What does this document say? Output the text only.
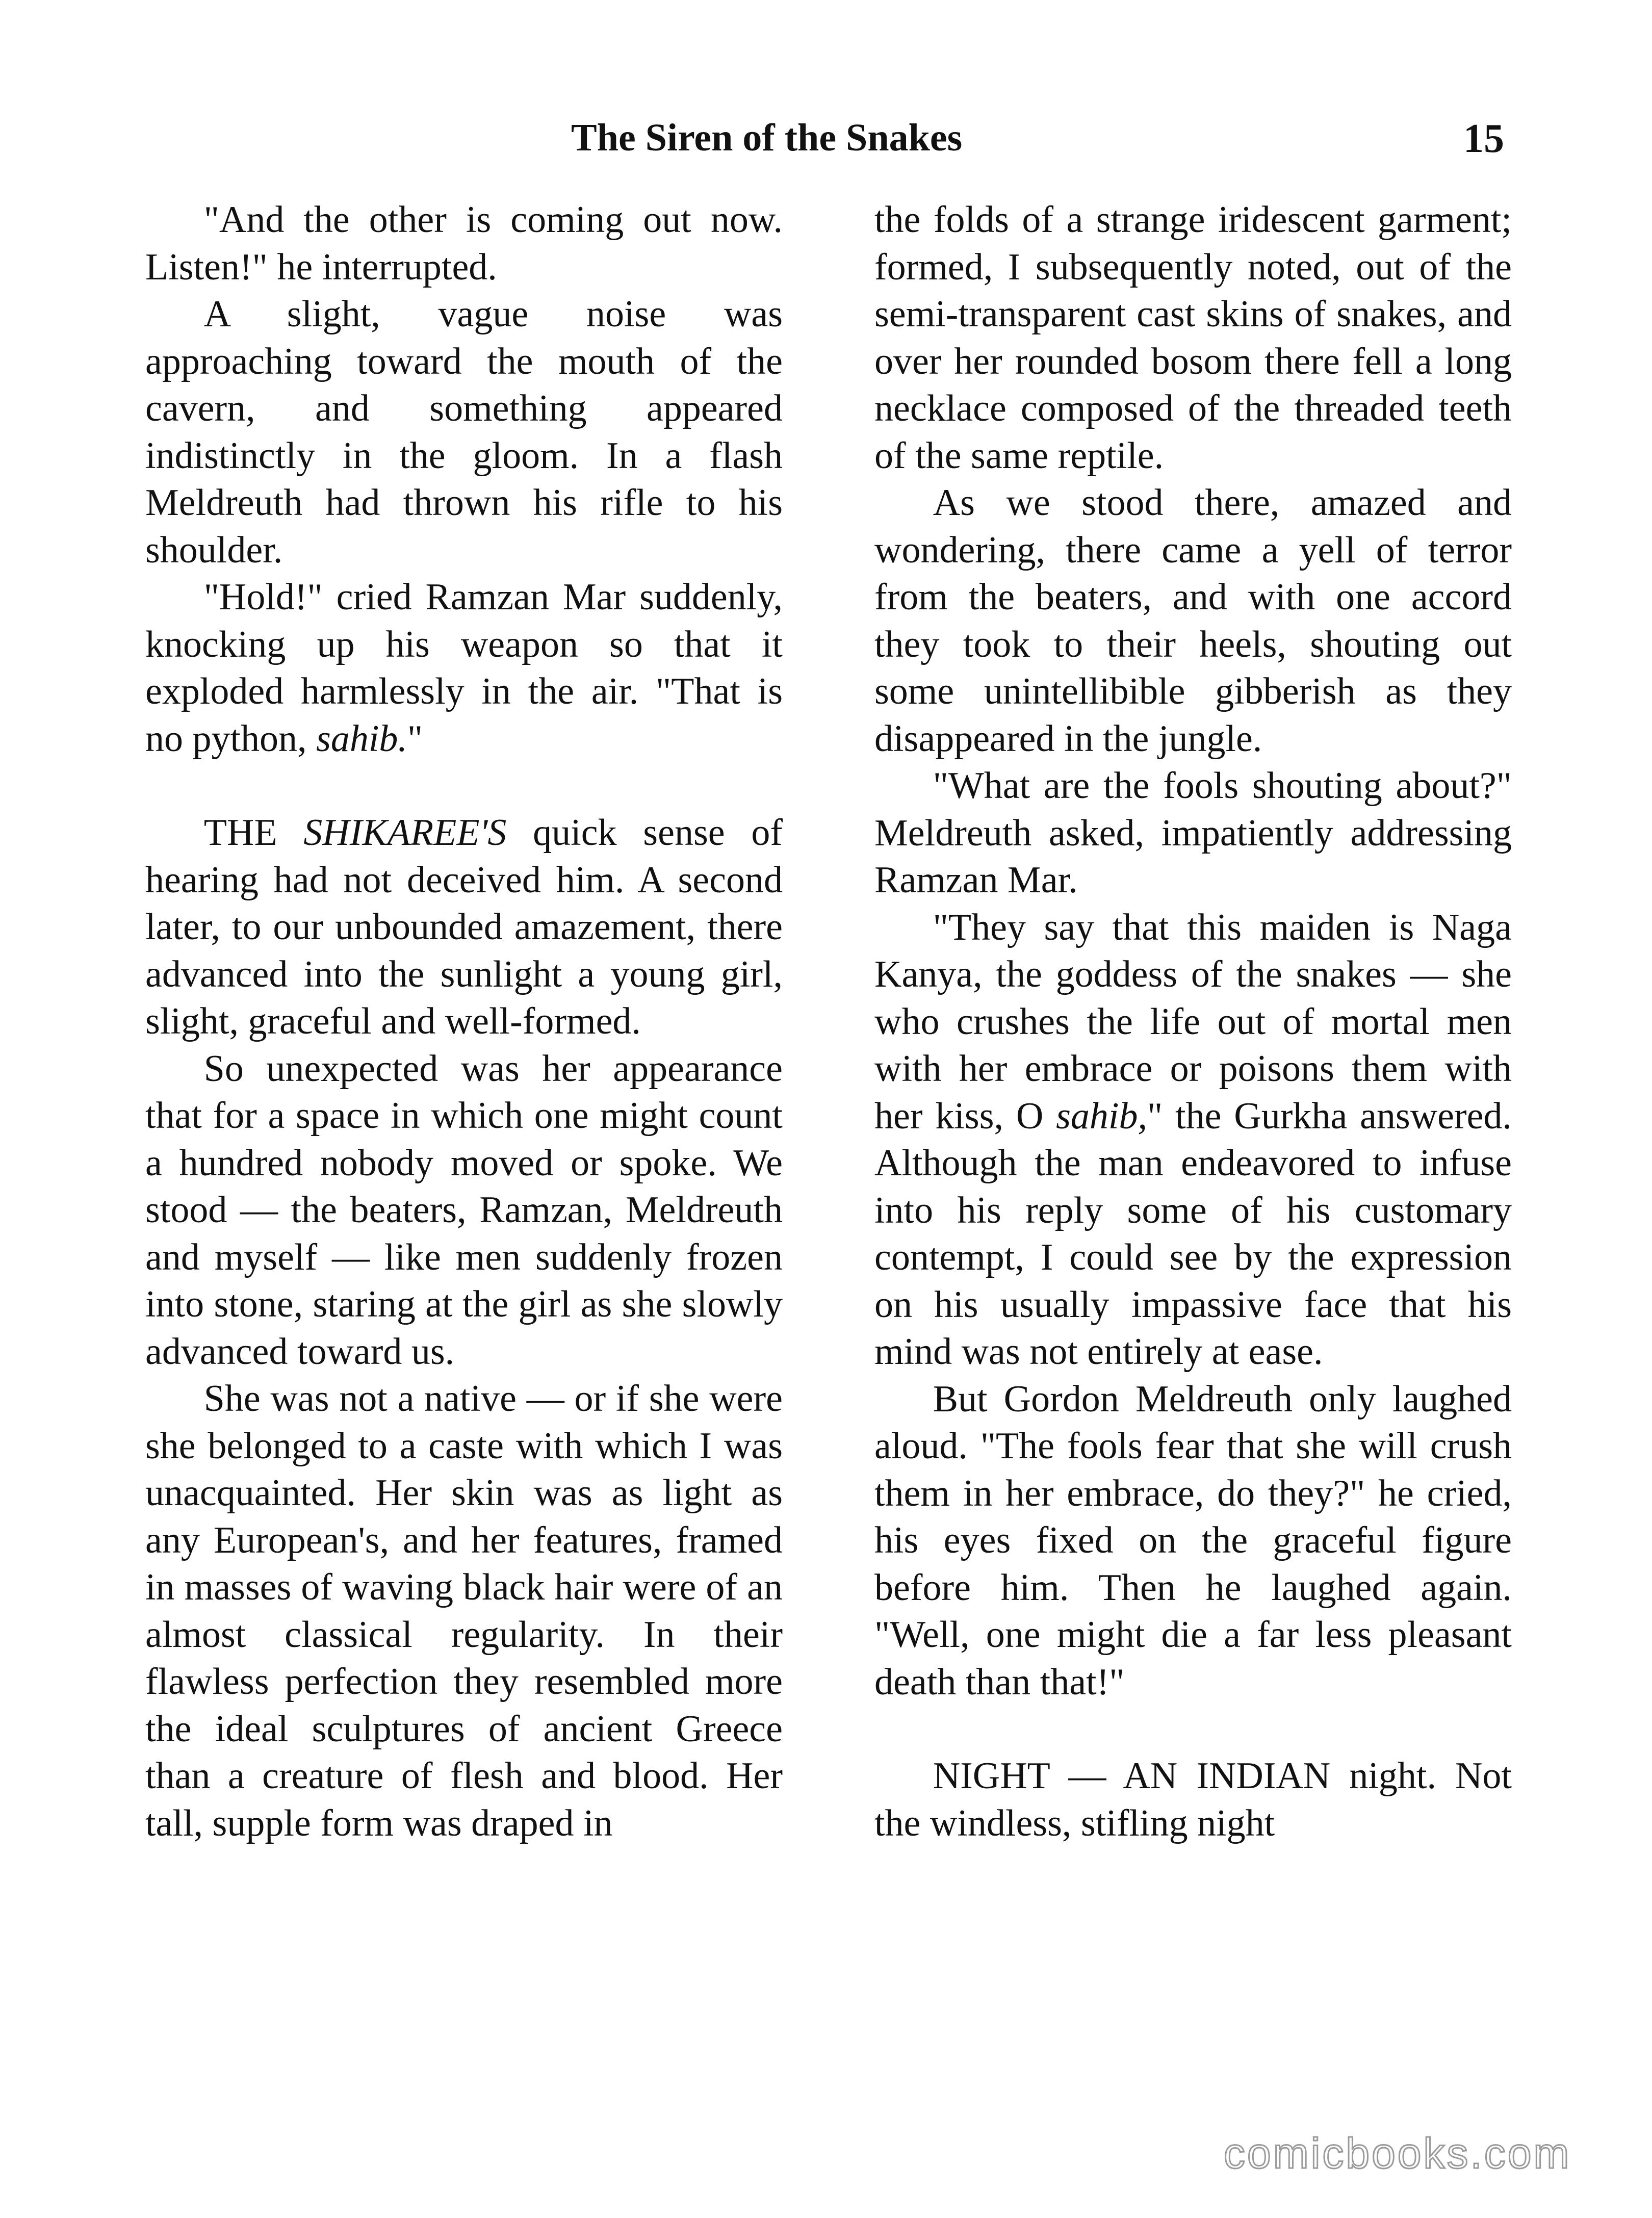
The Siren of the Snakes	15

"And the other is coming out now. Listen!" he interrupted.

A slight, vague noise was approaching toward the mouth of the cavern, and something appeared indistinctly in the gloom. In a flash Meldreuth had thrown his rifle to his shoulder.

"Hold!" cried Ramzan Mar suddenly, knocking up his weapon so that it exploded harmlessly in the air. "That is no python, sahib."

THE SHIKAREE'S quick sense of hearing had not deceived him. A second later, to our unbounded amazement, there advanced into the sunlight a young girl, slight, graceful and well-formed.

So unexpected was her appearance that for a space in which one might count a hundred nobody moved or spoke. We stood — the beaters, Ramzan, Meldreuth and myself — like men suddenly frozen into stone, staring at the girl as she slowly advanced toward us.

She was not a native — or if she were she belonged to a caste with which I was unacquainted. Her skin was as light as any European's, and her features, framed in masses of waving black hair were of an almost classical regularity. In their flawless perfection they resembled more the ideal sculptures of ancient Greece than a creature of flesh and blood. Her tall, supple form was draped in

the folds of a strange iridescent garment; formed, I subsequently noted, out of the semi-transparent cast skins of snakes, and over her rounded bosom there fell a long necklace composed of the threaded teeth of the same reptile.

As we stood there, amazed and wondering, there came a yell of terror from the beaters, and with one accord they took to their heels, shouting out some unintellibible gibberish as they disappeared in the jungle.

"What are the fools shouting about?" Meldreuth asked, impatiently addressing Ramzan Mar.

"They say that this maiden is Naga Kanya, the goddess of the snakes — she who crushes the life out of mortal men with her embrace or poisons them with her kiss, O sahib," the Gurkha answered. Although the man endeavored to infuse into his reply some of his customary contempt, I could see by the expression on his usually impassive face that his mind was not entirely at ease.

But Gordon Meldreuth only laughed aloud. "The fools fear that she will crush them in her embrace, do they?" he cried, his eyes fixed on the graceful figure before him. Then he laughed again. "Well, one might die a far less pleasant death than that!"

NIGHT — AN INDIAN night. Not the windless, stifling night

comicbooks.com
